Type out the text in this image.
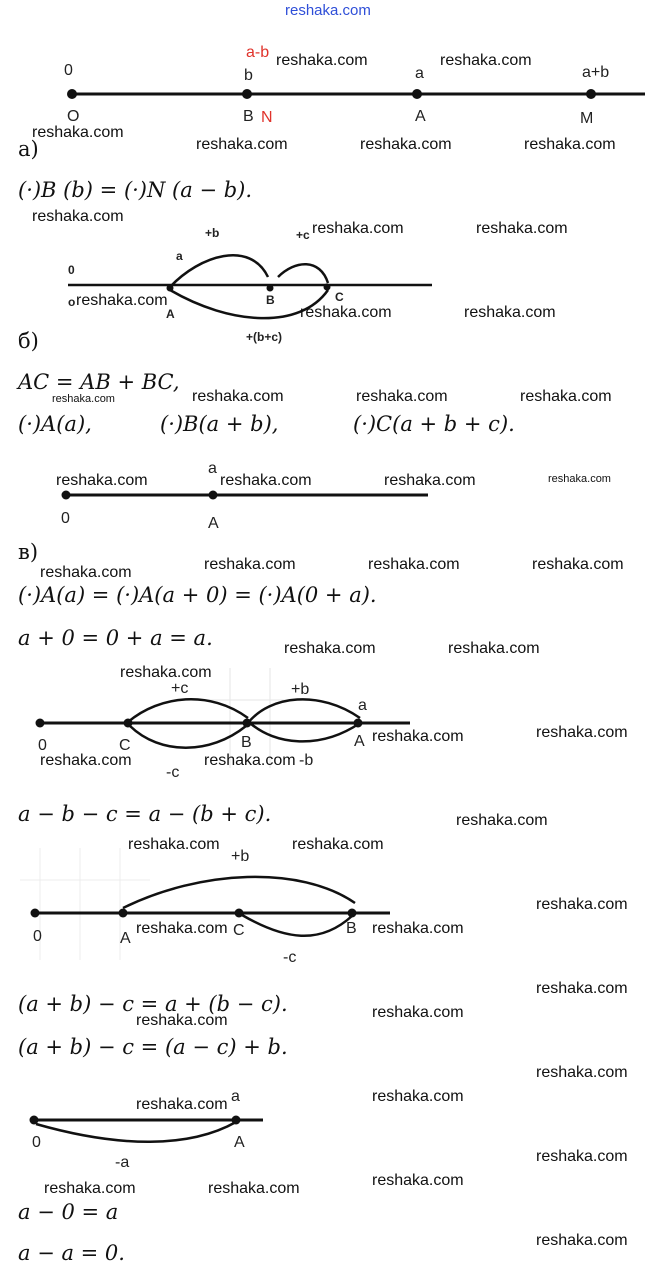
reshaka.com
0
a-b
b	a	a+b
O	B N	A	M
+b	+c
a
0
o	B	C
A
+(b+c)
a
0	A
+c	+b
a
0	C	B	A
-c
-b
+b
0	A	C	B
-c
a
0	A
-a
а)
б)
в)
(·)B (b) = (·)N (a − b).
AC = AB + BC,
(·)A(a),	(·)B(a + b),	(·)C(a + b + c).
(·)A(a) = (·)A(a + 0) = (·)A(0 + a).
a + 0 = 0 + a = a.
a − b − c = a − (b + c).
(a + b) − c = a + (b − c).
(a + b) − c = (a − c) + b.
a − 0 = a
a − a = 0.
reshaka.com	reshaka.com
reshaka.com
reshaka.com	reshaka.com	reshaka.com
reshaka.com
reshaka.com	reshaka.com
reshaka.com
reshaka.com	reshaka.com
reshaka.com	reshaka.com	reshaka.com	reshaka.com
reshaka.com	reshaka.com	reshaka.com	reshaka.com
reshaka.com	reshaka.com	reshaka.com
reshaka.com
reshaka.com	reshaka.com
reshaka.com
reshaka.com	reshaka.com
reshaka.com	reshaka.com
reshaka.com
reshaka.com	reshaka.com
reshaka.com
reshaka.com	reshaka.com
reshaka.com
reshaka.com
reshaka.com
reshaka.com
reshaka.com
reshaka.com
reshaka.com
reshaka.com
reshaka.com	reshaka.com
reshaka.com
